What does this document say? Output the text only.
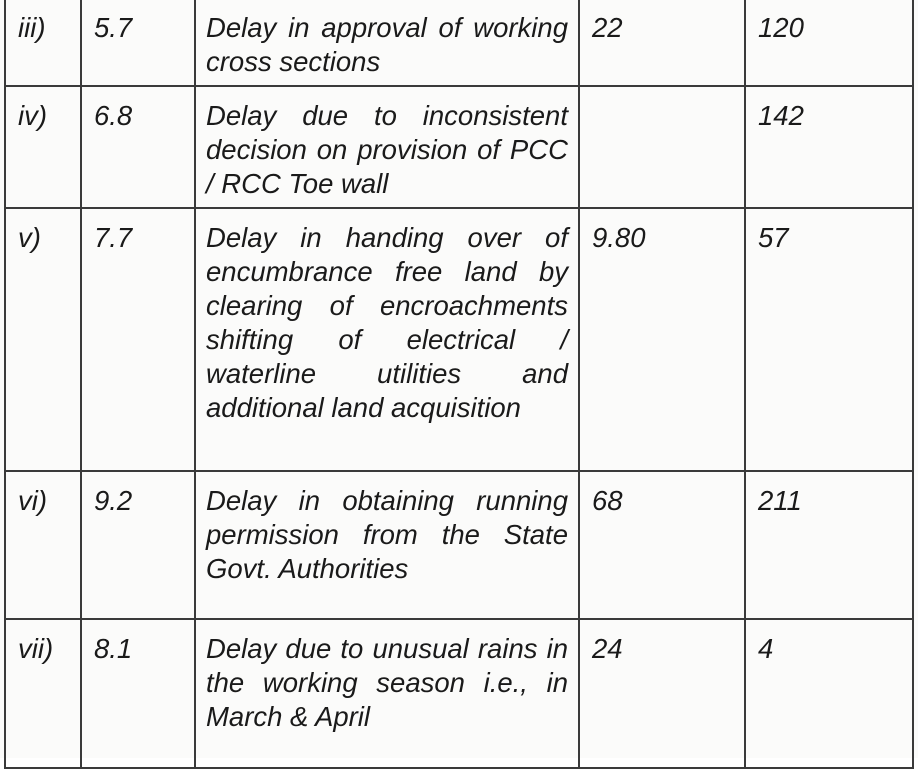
iii)	5.7	Delay in approval of working cross sections	22	120

iv)	6.8	Delay due to inconsistent decision on provision of PCC / RCC Toe wall		142

v)	7.7	Delay in handing over of encumbrance free land by clearing of encroachments shifting of electrical / waterline utilities and additional land acquisition	9.80	57

vi)	9.2	Delay in obtaining running permission from the State Govt. Authorities	68	211

vii)	8.1	Delay due to unusual rains in the working season i.e., in March & April	24	4
